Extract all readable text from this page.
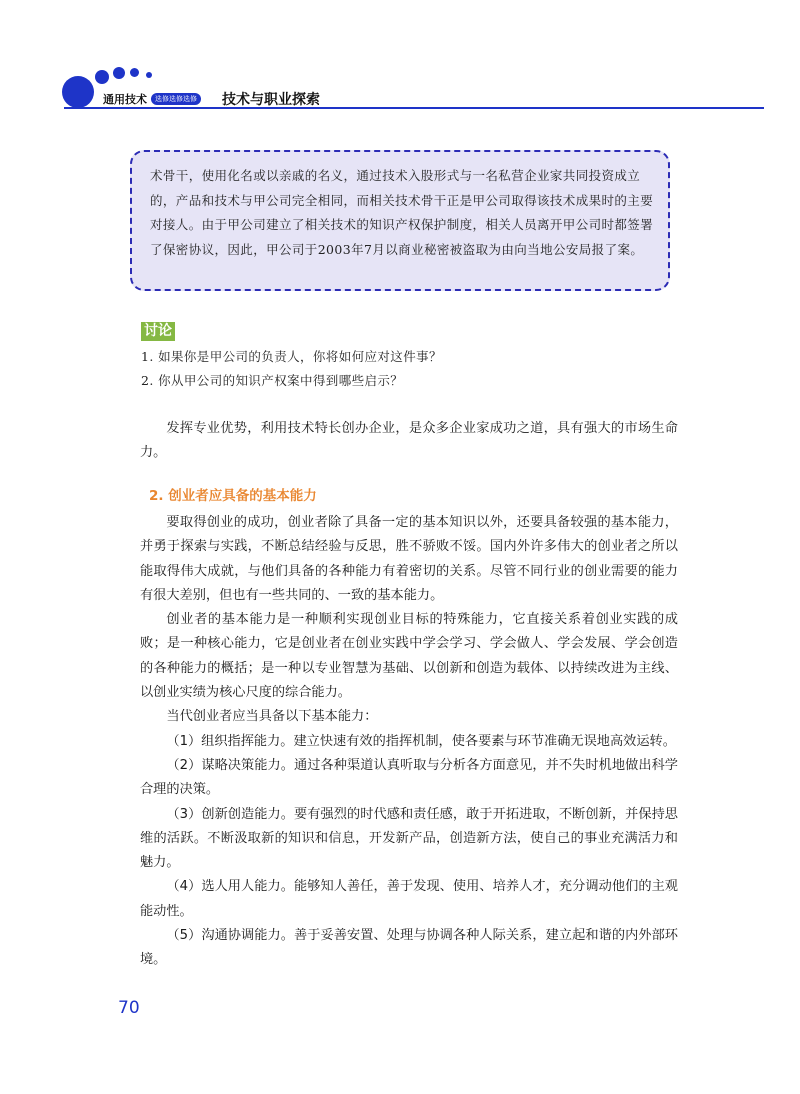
通用技术	选修选修选修 技术与职业探索

术骨干，使用化名或以亲戚的名义，通过技术入股形式与一名私营企业家共同投资成立的，产品和技术与甲公司完全相同，而相关技术骨干正是甲公司取得该技术成果时的主要对接人。由于甲公司建立了相关技术的知识产权保护制度，相关人员离开甲公司时都签署了保密协议，因此，甲公司于2003年7月以商业秘密被盗取为由向当地公安局报了案。

讨论
1. 如果你是甲公司的负责人，你将如何应对这件事？
2. 你从甲公司的知识产权案中得到哪些启示？

发挥专业优势，利用技术特长创办企业，是众多企业家成功之道，具有强大的市场生命力。

2. 创业者应具备的基本能力

要取得创业的成功，创业者除了具备一定的基本知识以外，还要具备较强的基本能力，并勇于探索与实践，不断总结经验与反思，胜不骄败不馁。国内外许多伟大的创业者之所以能取得伟大成就，与他们具备的各种能力有着密切的关系。尽管不同行业的创业需要的能力有很大差别，但也有一些共同的、一致的基本能力。

创业者的基本能力是一种顺利实现创业目标的特殊能力，它直接关系着创业实践的成败；是一种核心能力，它是创业者在创业实践中学会学习、学会做人、学会发展、学会创造的各种能力的概括；是一种以专业智慧为基础、以创新和创造为载体、以持续改进为主线、以创业实绩为核心尺度的综合能力。

当代创业者应当具备以下基本能力：

（1）组织指挥能力。建立快速有效的指挥机制，使各要素与环节准确无误地高效运转。

（2）谋略决策能力。通过各种渠道认真听取与分析各方面意见，并不失时机地做出科学合理的决策。

（3）创新创造能力。要有强烈的时代感和责任感，敢于开拓进取，不断创新，并保持思维的活跃。不断汲取新的知识和信息，开发新产品，创造新方法，使自己的事业充满活力和魅力。

（4）选人用人能力。能够知人善任，善于发现、使用、培养人才，充分调动他们的主观能动性。

（5）沟通协调能力。善于妥善安置、处理与协调各种人际关系，建立起和谐的内外部环境。

70
